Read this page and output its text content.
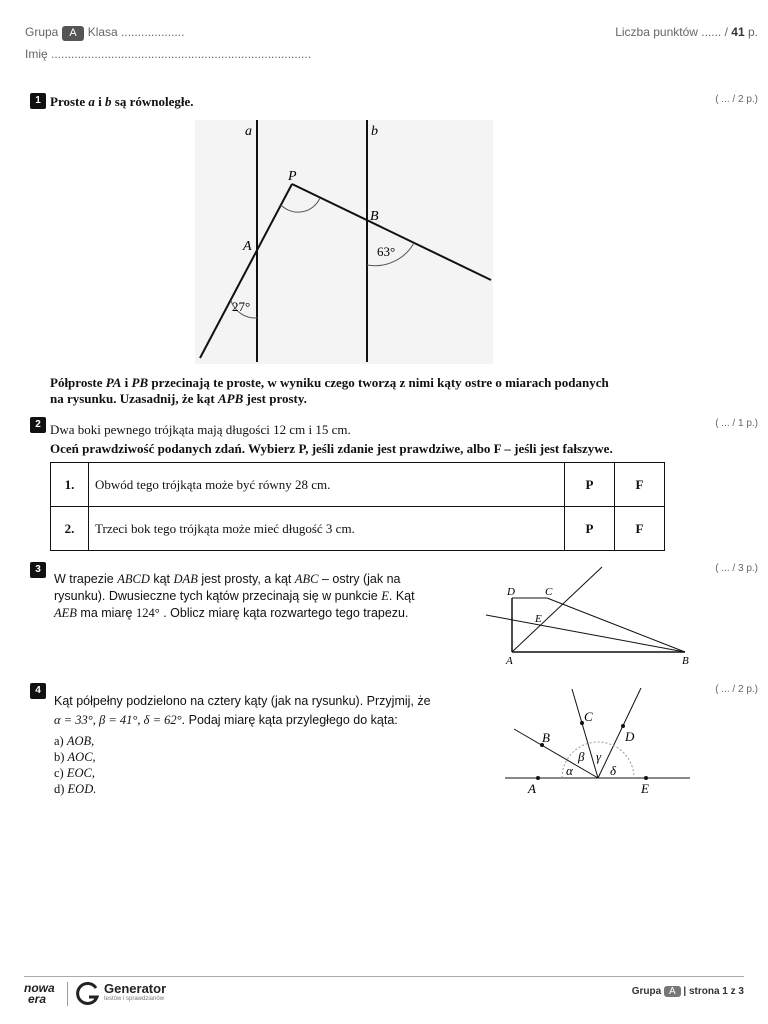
Grupa A Klasa ...................
Imię ..............................................................................
Liczba punktów ...... / 41 p.
1	( ... / 2 p.)
Proste a i b są równoległe.
a	b
P
A
B
63°
27°
Półproste PA i PB przecinają te proste, w wyniku czego tworzą z nimi kąty ostre o miarach podanych
na rysunku. Uzasadnij, że kąt APB jest prosty.
2	( ... / 1 p.)
Dwa boki pewnego trójkąta mają długości 12 cm i 15 cm.
Oceń prawdziwość podanych zdań. Wybierz P, jeśli zdanie jest prawdziwe, albo F – jeśli jest fałszywe.
1.	Obwód tego trójkąta może być równy 28 cm.	P	F
2.	Trzeci bok tego trójkąta może mieć długość 3 cm.	P	F
3	( ... / 3 p.)
W trapezie ABCD kąt DAB jest prosty, a kąt ABC – ostry (jak na
rysunku). Dwusieczne tych kątów przecinają się w punkcie E. Kąt
AEB ma miarę 124° . Oblicz miarę kąta rozwartego tego trapezu.
D	C
E
A	B
4	( ... / 2 p.)
Kąt półpełny podzielono na cztery kąty (jak na rysunku). Przyjmij, że
α = 33°, β = 41°, δ = 62°. Podaj miarę kąta przyległego do kąta:
a) AOB,
b) AOC,
c) EOC,
d) EOD.
B
C
D
A	E
α
β γ
δ
nowa
era
Generator
testów i sprawdzianów
Grupa A | strona 1 z 3
